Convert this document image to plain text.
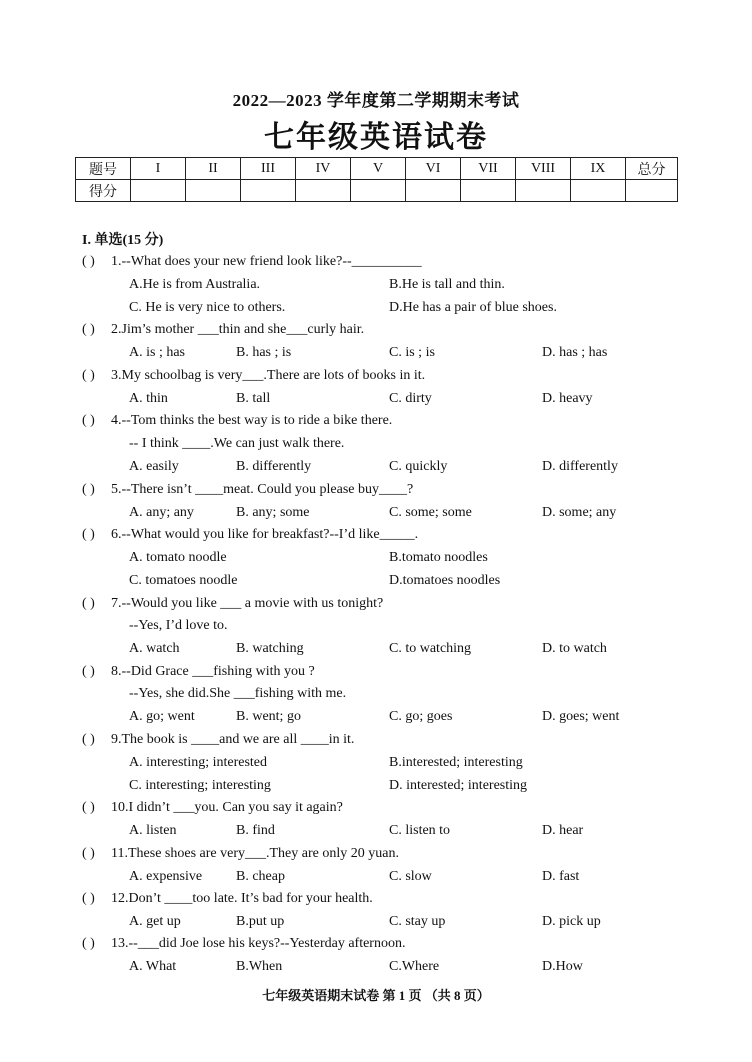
2022—2023 学年度第二学期期末考试
七年级英语试卷
题号	I	II	III	IV	V	VI	VII	VIII	IX	总分
得分										
I. 单选(15 分)
( ) 1.--What does your new friend look like?--__________
A.He is from Australia.	B.He is tall and thin.
C. He is very nice to others.	D.He has a pair of blue shoes.
( ) 2.Jim’s mother ___thin and she___curly hair.
A. is ; has	B. has ; is	C. is ; is	D. has ; has
( ) 3.My schoolbag is very___.There are lots of books in it.
A. thin	B. tall	C. dirty	D. heavy
( ) 4.--Tom thinks the best way is to ride a bike there.
-- I think ____.We can just walk there.
A. easily	B. differently	C. quickly	D. differently
( ) 5.--There isn’t ____meat. Could you please buy____?
A. any; any	B. any; some	C. some; some	D. some; any
( ) 6.--What would you like for breakfast?--I’d like_____.
A. tomato noodle	B.tomato noodles
C. tomatoes noodle	D.tomatoes noodles
( ) 7.--Would you like ___ a movie with us tonight?
--Yes, I’d love to.
A. watch	B. watching	C. to watching	D. to watch
( ) 8.--Did Grace ___fishing with you ?
--Yes, she did.She ___fishing with me.
A. go; went	B. went; go	C. go; goes	D. goes; went
( ) 9.The book is ____and we are all ____in it.
A. interesting; interested	B.interested; interesting
C. interesting; interesting	D. interested; interesting
( ) 10.I didn’t ___you. Can you say it again?
A. listen	B. find	C. listen to	D. hear
( ) 11.These shoes are very___.They are only 20 yuan.
A. expensive B. cheap	C. slow	D. fast
( ) 12.Don’t ____too late. It’s bad for your health.
A. get up	B.put up	C. stay up	D. pick up
( ) 13.--___did Joe lose his keys?--Yesterday afternoon.
A. What	B.When	C.Where	D.How
七年级英语期末试卷 第 1 页 （共 8 页）
